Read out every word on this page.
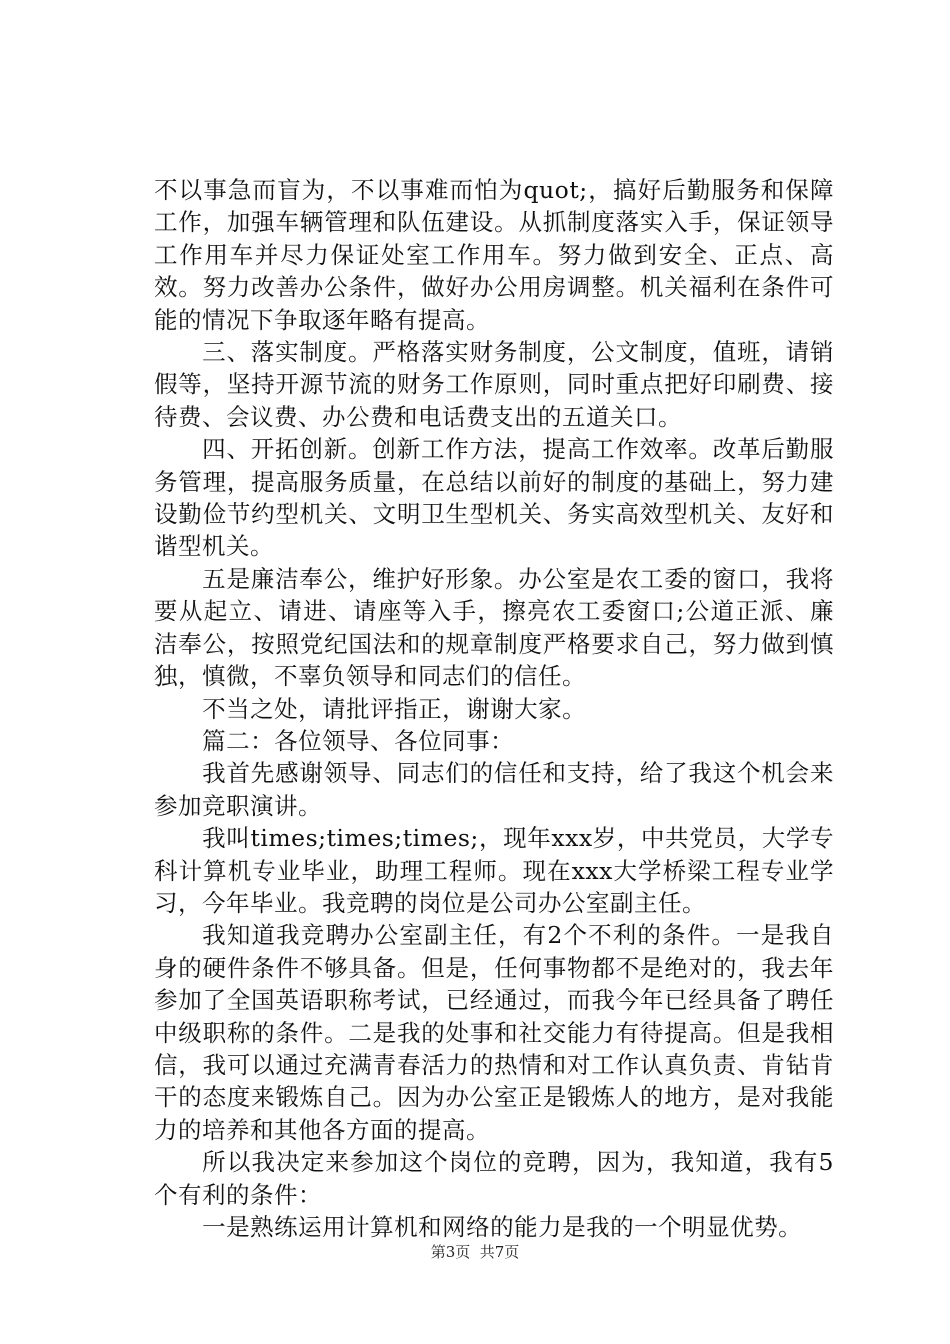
不以事急而盲为，不以事难而怕为quot;，搞好后勤服务和保障工作，加强车辆管理和队伍建设。从抓制度落实入手，保证领导工作用车并尽力保证处室工作用车。努力做到安全、正点、高效。努力改善办公条件，做好办公用房调整。机关福利在条件可能的情况下争取逐年略有提高。

三、落实制度。严格落实财务制度，公文制度，值班，请销假等，坚持开源节流的财务工作原则，同时重点把好印刷费、接待费、会议费、办公费和电话费支出的五道关口。

四、开拓创新。创新工作方法，提高工作效率。改革后勤服务管理，提高服务质量，在总结以前好的制度的基础上，努力建设勤俭节约型机关、文明卫生型机关、务实高效型机关、友好和谐型机关。

五是廉洁奉公，维护好形象。办公室是农工委的窗口，我将要从起立、请进、请座等入手，擦亮农工委窗口;公道正派、廉洁奉公，按照党纪国法和的规章制度严格要求自己，努力做到慎独，慎微，不辜负领导和同志们的信任。

不当之处，请批评指正，谢谢大家。

篇二：各位领导、各位同事：

我首先感谢领导、同志们的信任和支持，给了我这个机会来参加竞职演讲。

我叫times;times;times;，现年xxx岁，中共党员，大学专科计算机专业毕业，助理工程师。现在xxx大学桥梁工程专业学习，今年毕业。我竞聘的岗位是公司办公室副主任。

我知道我竞聘办公室副主任，有2个不利的条件。一是我自身的硬件条件不够具备。但是，任何事物都不是绝对的，我去年参加了全国英语职称考试，已经通过，而我今年已经具备了聘任中级职称的条件。二是我的处事和社交能力有待提高。但是我相信，我可以通过充满青春活力的热情和对工作认真负责、肯钻肯干的态度来锻炼自己。因为办公室正是锻炼人的地方，是对我能力的培养和其他各方面的提高。

所以我决定来参加这个岗位的竞聘，因为，我知道，我有5个有利的条件：

一是熟练运用计算机和网络的能力是我的一个明显优势。

第3页  共7页
